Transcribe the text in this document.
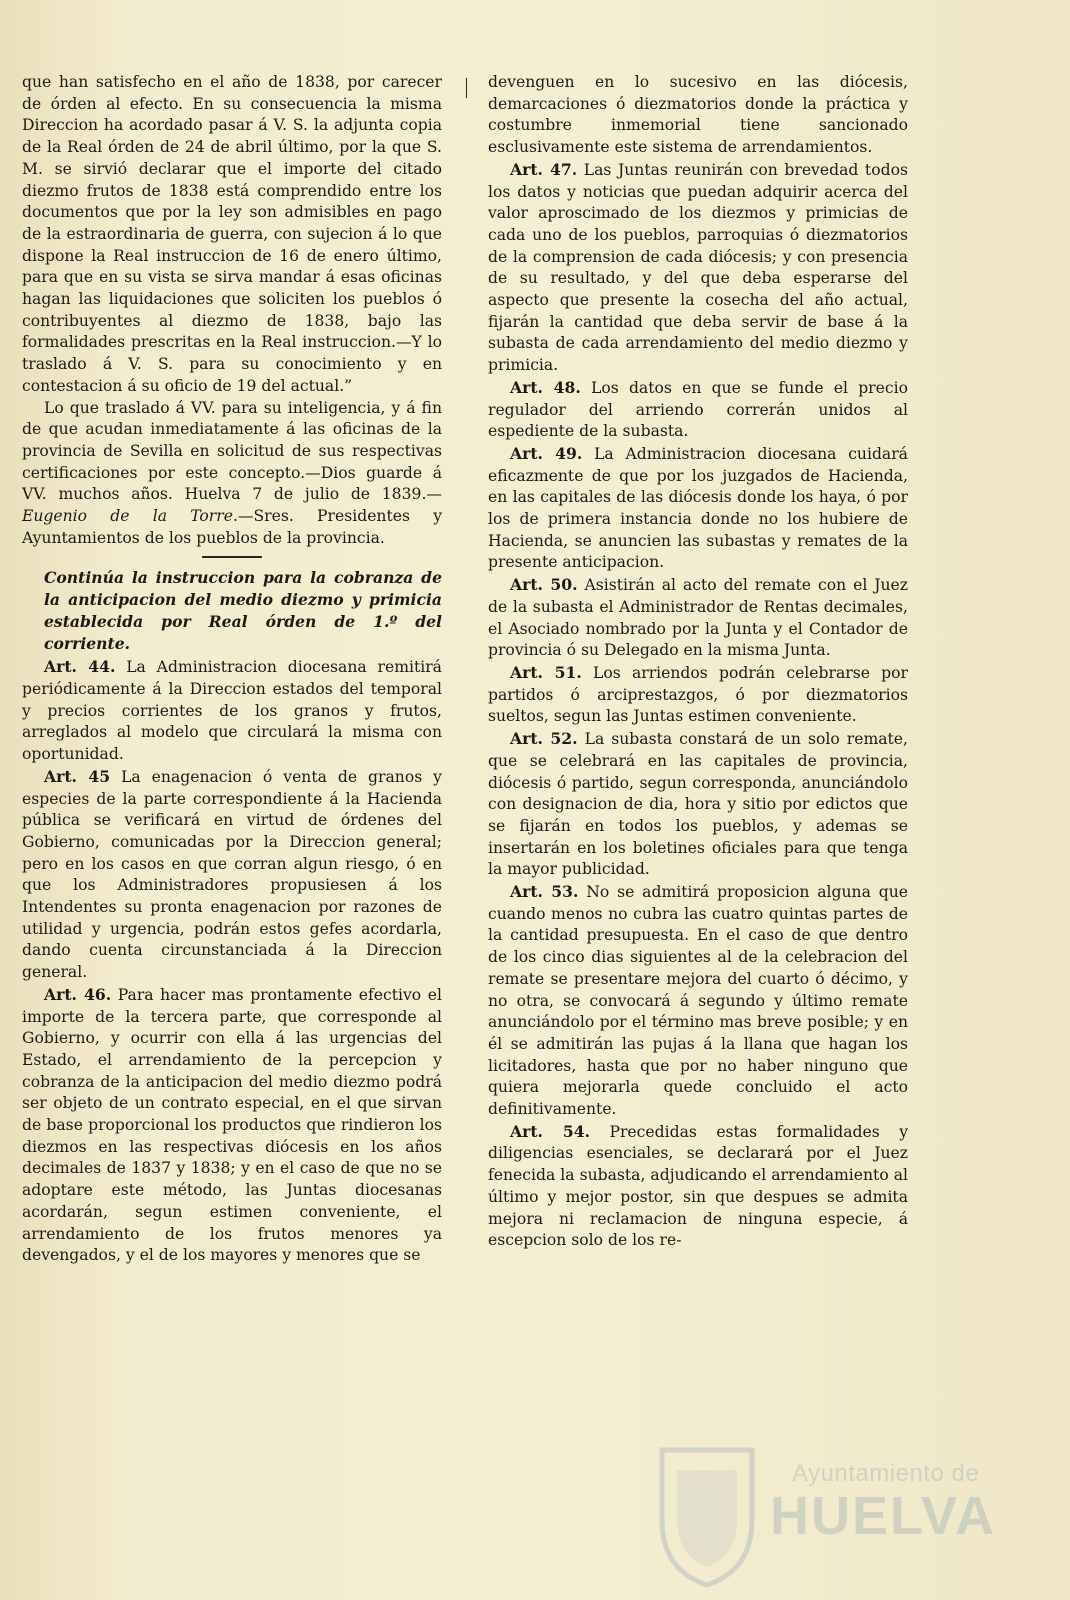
que han satisfecho en el año de 1838, por carecer de órden al efecto. En su consecuencia la misma Direccion ha acordado pasar á V. S. la adjunta copia de la Real órden de 24 de abril último, por la que S. M. se sirvió declarar que el importe del citado diezmo frutos de 1838 está comprendido entre los documentos que por la ley son admisibles en pago de la estraordinaria de guerra, con sujecion á lo que dispone la Real instruccion de 16 de enero último, para que en su vista se sirva mandar á esas oficinas hagan las liquidaciones que soliciten los pueblos ó contribuyentes al diezmo de 1838, bajo las formalidades prescritas en la Real instruccion.—Y lo traslado á V. S. para su conocimiento y en contestacion á su oficio de 19 del actual.”

Lo que traslado á VV. para su inteligencia, y á fin de que acudan inmediatamente á las oficinas de la provincia de Sevilla en solicitud de sus respectivas certificaciones por este concepto.—Dios guarde á VV. muchos años. Huelva 7 de julio de 1839.—Eugenio de la Torre.—Sres. Presidentes y Ayuntamientos de los pueblos de la provincia.

Continúa la instruccion para la cobranza de la anticipacion del medio diezmo y primicia establecida por Real órden de 1.º del corriente.

Art. 44. La Administracion diocesana remitirá periódicamente á la Direccion estados del temporal y precios corrientes de los granos y frutos, arreglados al modelo que circulará la misma con oportunidad.

Art. 45 La enagenacion ó venta de granos y especies de la parte correspondiente á la Hacienda pública se verificará en virtud de órdenes del Gobierno, comunicadas por la Direccion general; pero en los casos en que corran algun riesgo, ó en que los Administradores propusiesen á los Intendentes su pronta enagenacion por razones de utilidad y urgencia, podrán estos gefes acordarla, dando cuenta circunstanciada á la Direccion general.

Art. 46. Para hacer mas prontamente efectivo el importe de la tercera parte, que corresponde al Gobierno, y ocurrir con ella á las urgencias del Estado, el arrendamiento de la percepcion y cobranza de la anticipacion del medio diezmo podrá ser objeto de un contrato especial, en el que sirvan de base proporcional los productos que rindieron los diezmos en las respectivas diócesis en los años decimales de 1837 y 1838; y en el caso de que no se adoptare este método, las Juntas diocesanas acordarán, segun estimen conveniente, el arrendamiento de los frutos menores ya devengados, y el de los mayores y menores que se

devenguen en lo sucesivo en las diócesis, demarcaciones ó diezmatorios donde la práctica y costumbre inmemorial tiene sancionado esclusivamente este sistema de arrendamientos.

Art. 47. Las Juntas reunirán con brevedad todos los datos y noticias que puedan adquirir acerca del valor aproscimado de los diezmos y primicias de cada uno de los pueblos, parroquias ó diezmatorios de la comprension de cada diócesis; y con presencia de su resultado, y del que deba esperarse del aspecto que presente la cosecha del año actual, fijarán la cantidad que deba servir de base á la subasta de cada arrendamiento del medio diezmo y primicia.

Art. 48. Los datos en que se funde el precio regulador del arriendo correrán unidos al espediente de la subasta.

Art. 49. La Administracion diocesana cuidará eficazmente de que por los juzgados de Hacienda, en las capitales de las diócesis donde los haya, ó por los de primera instancia donde no los hubiere de Hacienda, se anuncien las subastas y remates de la presente anticipacion.

Art. 50. Asistirán al acto del remate con el Juez de la subasta el Administrador de Rentas decimales, el Asociado nombrado por la Junta y el Contador de provincia ó su Delegado en la misma Junta.

Art. 51. Los arriendos podrán celebrarse por partidos ó arciprestazgos, ó por diezmatorios sueltos, segun las Juntas estimen conveniente.

Art. 52. La subasta constará de un solo remate, que se celebrará en las capitales de provincia, diócesis ó partido, segun corresponda, anunciándolo con designacion de dia, hora y sitio por edictos que se fijarán en todos los pueblos, y ademas se insertarán en los boletines oficiales para que tenga la mayor publicidad.

Art. 53. No se admitirá proposicion alguna que cuando menos no cubra las cuatro quintas partes de la cantidad presupuesta. En el caso de que dentro de los cinco dias siguientes al de la celebracion del remate se presentare mejora del cuarto ó décimo, y no otra, se convocará á segundo y último remate anunciándolo por el término mas breve posible; y en él se admitirán las pujas á la llana que hagan los licitadores, hasta que por no haber ninguno que quiera mejorarla quede concluido el acto definitivamente.

Art. 54. Precedidas estas formalidades y diligencias esenciales, se declarará por el Juez fenecida la subasta, adjudicando el arrendamiento al último y mejor postor, sin que despues se admita mejora ni reclamacion de ninguna especie, á escepcion solo de los re-

Ayuntamiento de
HUELVA
